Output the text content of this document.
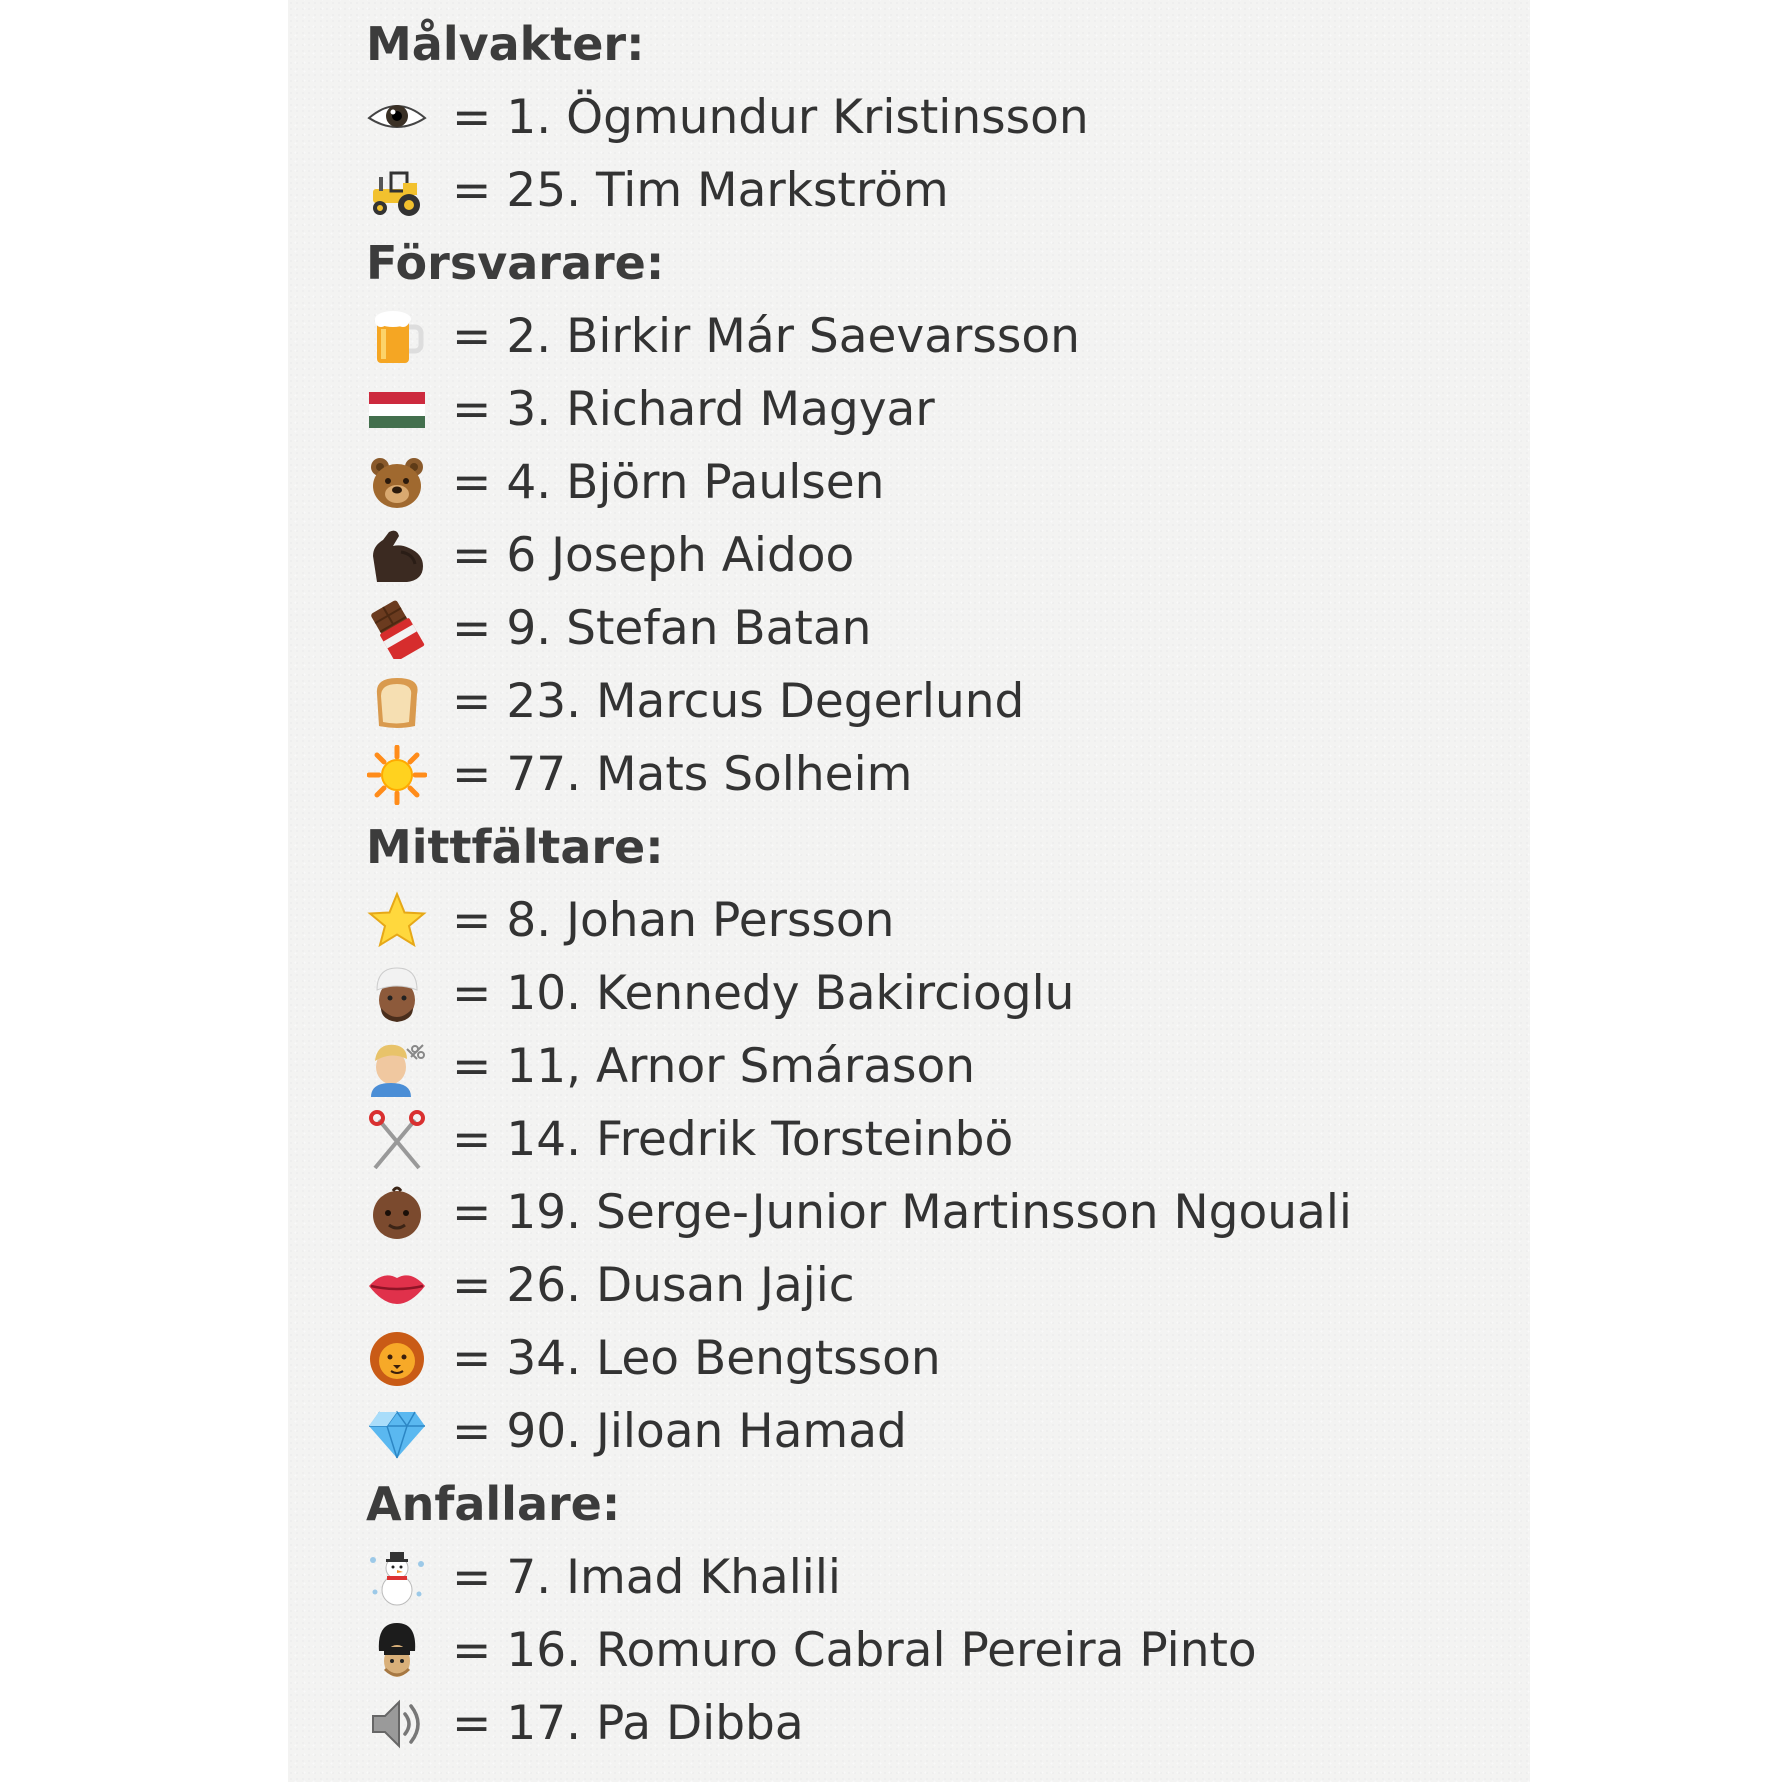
Målvakter:
= 1. Ögmundur Kristinsson
= 25. Tim Markström
Försvarare:
= 2. Birkir Már Saevarsson
= 3. Richard Magyar
= 4. Björn Paulsen
= 6 Joseph Aidoo
= 9. Stefan Batan
= 23. Marcus Degerlund
= 77. Mats Solheim
Mittfältare:
= 8. Johan Persson
= 10. Kennedy Bakircioglu
= 11, Arnor Smárason
= 14. Fredrik Torsteinbö
= 19. Serge-Junior Martinsson Ngouali
= 26. Dusan Jajic
= 34. Leo Bengtsson
= 90. Jiloan Hamad
Anfallare:
= 7. Imad Khalili
= 16. Romuro Cabral Pereira Pinto
= 17. Pa Dibba
